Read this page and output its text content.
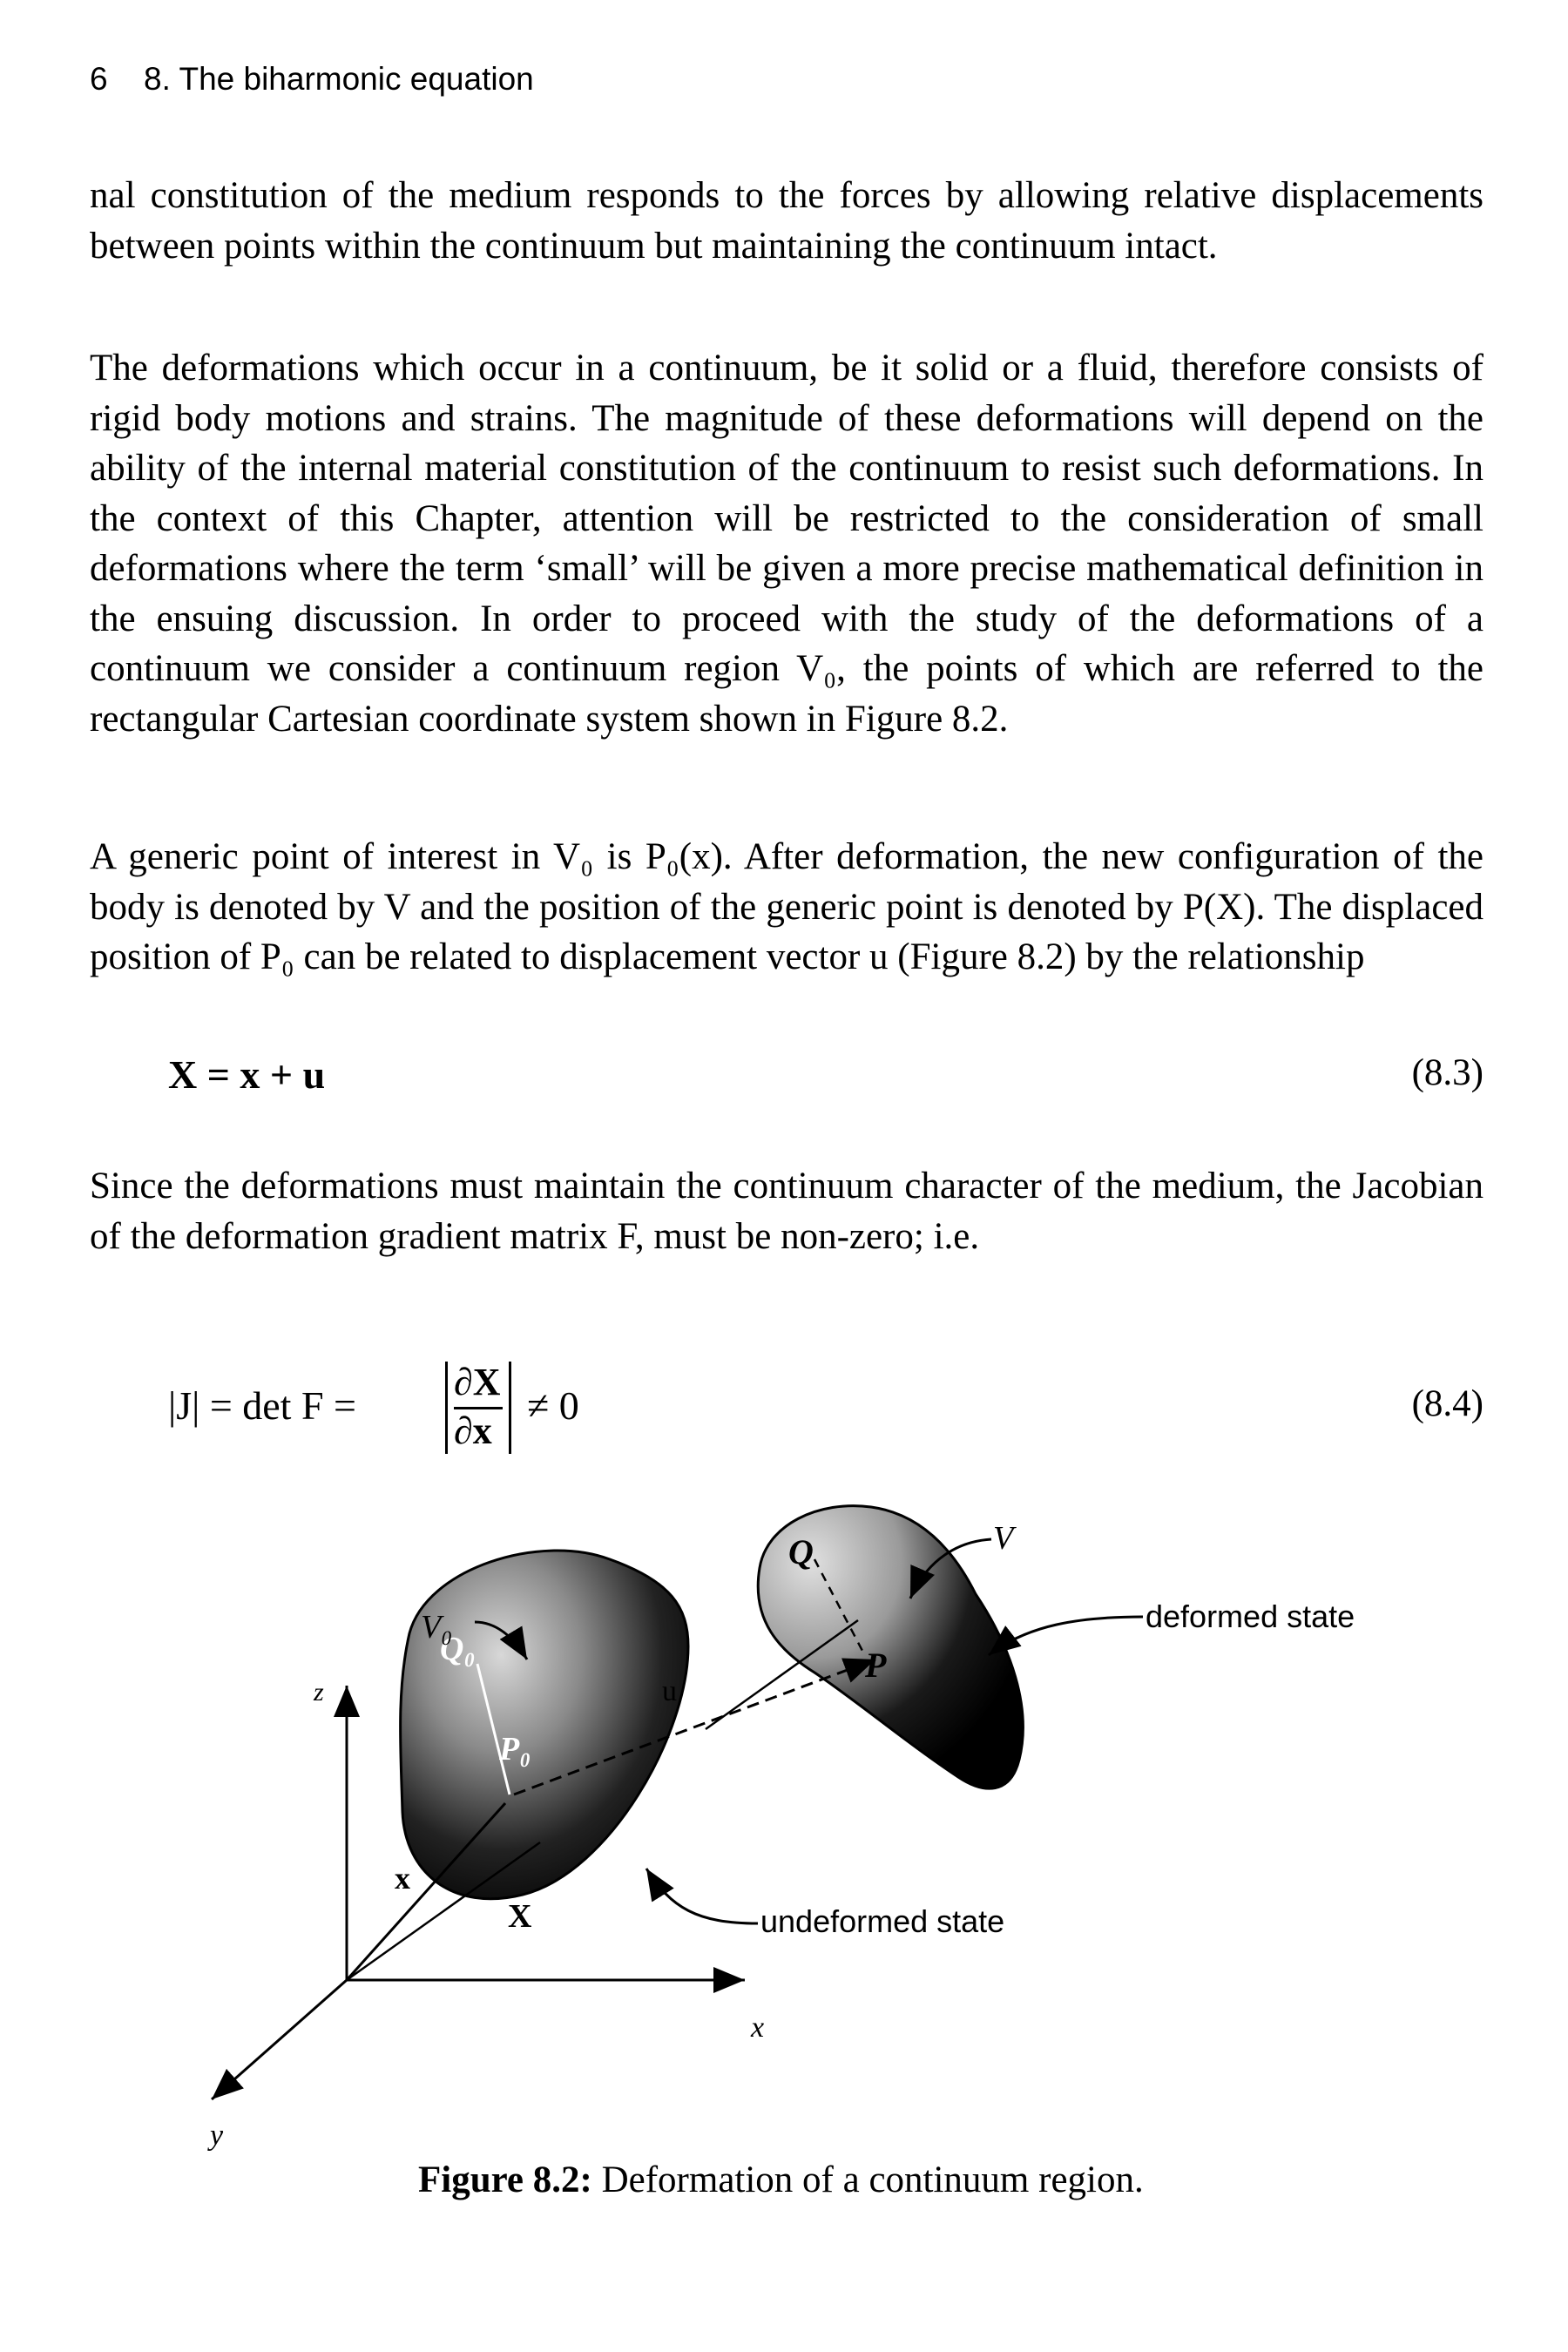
6 8. The biharmonic equation

nal constitution of the medium responds to the forces by allowing relative displacements between points within the continuum but maintaining the continuum intact.

The deformations which occur in a continuum, be it solid or a fluid, therefore consists of rigid body motions and strains. The magnitude of these deformations will depend on the ability of the internal material constitution of the continuum to resist such deformations. In the context of this Chapter, attention will be restricted to the consideration of small deformations where the term ‘small’ will be given a more precise mathematical definition in the ensuing discussion. In order to proceed with the study of the deformations of a continuum we consider a continuum region V₀, the points of which are referred to the rectangular Cartesian coordinate system shown in Figure 8.2.

A generic point of interest in V₀ is P₀(x). After deformation, the new configuration of the body is denoted by V and the position of the generic point is denoted by P(X). The displaced position of P₀ can be related to displacement vector u (Figure 8.2) by the relationship

X = x + u	(8.3)

Since the deformations must maintain the continuum character of the medium, the Jacobian of the deformation gradient matrix F, must be non-zero; i.e.

|J| = det F =
∂X
∂x
≠ 0	(8.4)
z
x
y
Q
P
Q₀
P₀
u
x
X
V₀
V
deformed state
undeformed state
Figure 8.2: Deformation of a continuum region.
